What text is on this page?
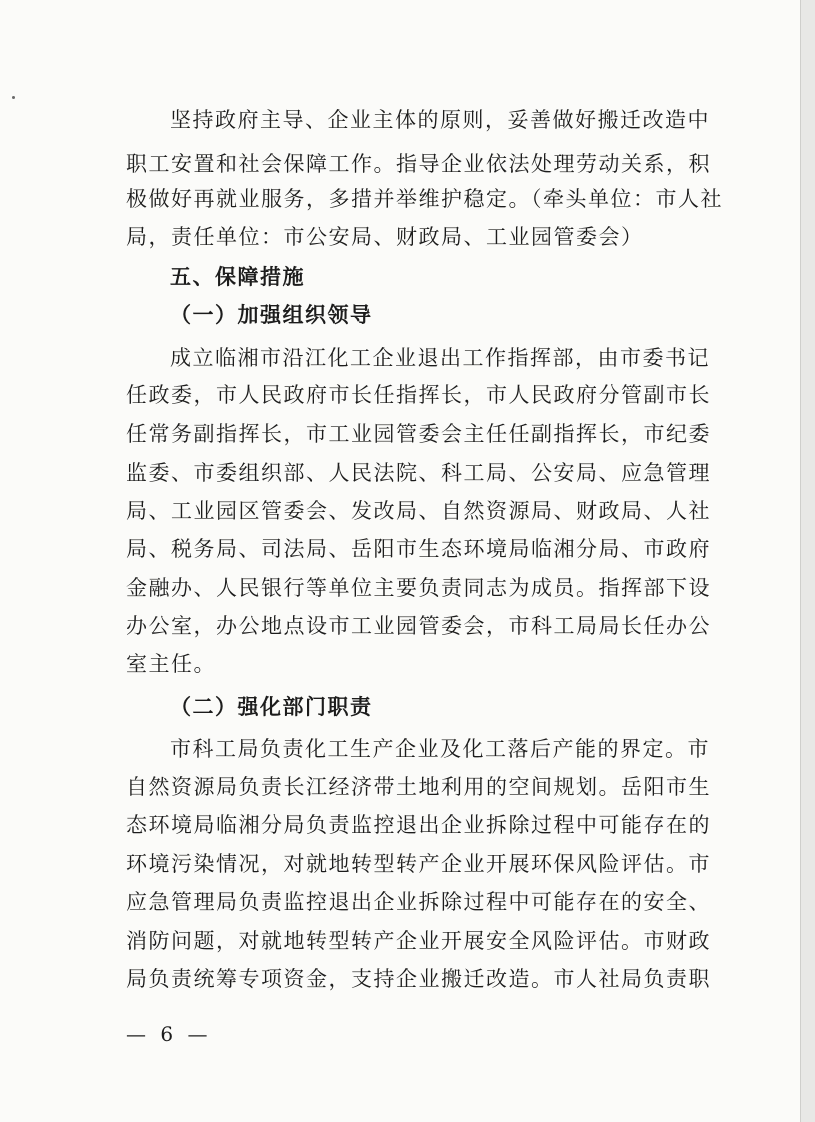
坚持政府主导、企业主体的原则，妥善做好搬迁改造中
职工安置和社会保障工作。指导企业依法处理劳动关系，积
极做好再就业服务，多措并举维护稳定。（牵头单位：市人社
局，责任单位：市公安局、财政局、工业园管委会）
五、保障措施
（一）加强组织领导
成立临湘市沿江化工企业退出工作指挥部，由市委书记
任政委，市人民政府市长任指挥长，市人民政府分管副市长
任常务副指挥长，市工业园管委会主任任副指挥长，市纪委
监委、市委组织部、人民法院、科工局、公安局、应急管理
局、工业园区管委会、发改局、自然资源局、财政局、人社
局、税务局、司法局、岳阳市生态环境局临湘分局、市政府
金融办、人民银行等单位主要负责同志为成员。指挥部下设
办公室，办公地点设市工业园管委会，市科工局局长任办公
室主任。
（二）强化部门职责
市科工局负责化工生产企业及化工落后产能的界定。市
自然资源局负责长江经济带土地利用的空间规划。岳阳市生
态环境局临湘分局负责监控退出企业拆除过程中可能存在的
环境污染情况，对就地转型转产企业开展环保风险评估。市
应急管理局负责监控退出企业拆除过程中可能存在的安全、
消防问题，对就地转型转产企业开展安全风险评估。市财政
局负责统筹专项资金，支持企业搬迁改造。市人社局负责职
— 6 —
